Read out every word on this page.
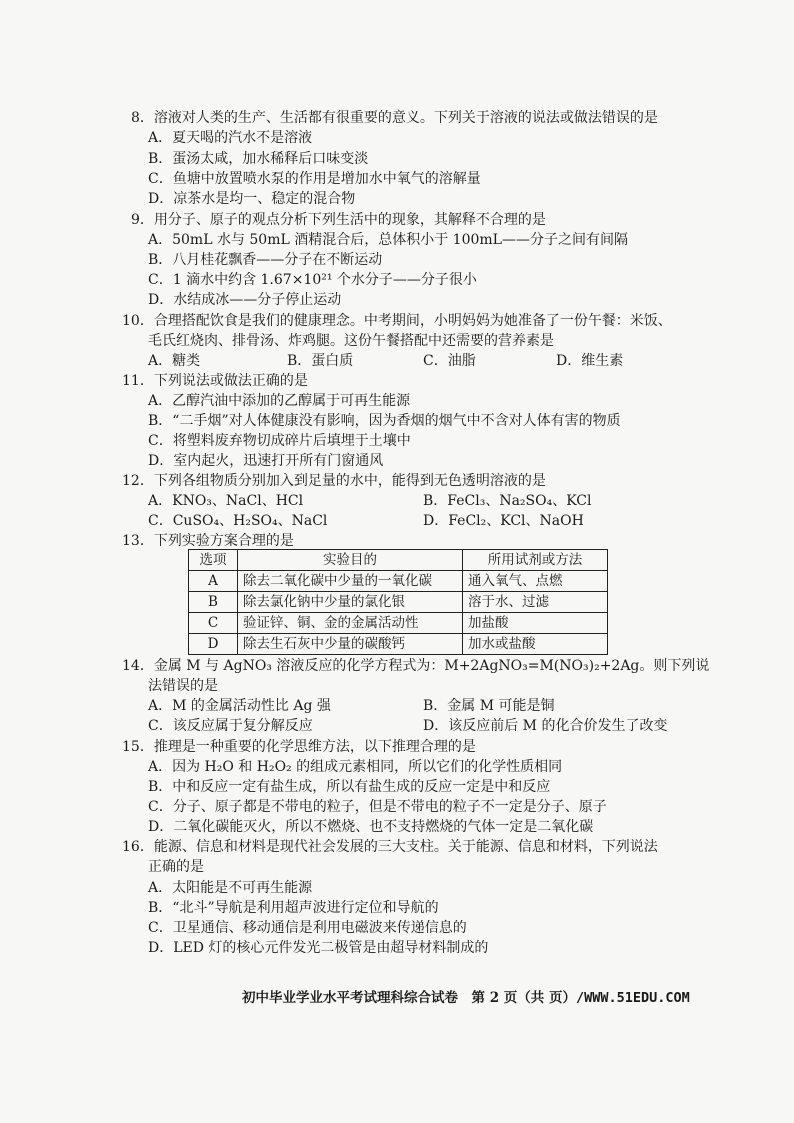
8．溶液对人类的生产、生活都有很重要的意义。下列关于溶液的说法或做法错误的是
A．夏天喝的汽水不是溶液
B．蛋汤太咸，加水稀释后口味变淡
C．鱼塘中放置喷水泵的作用是增加水中氧气的溶解量
D．凉茶水是均一、稳定的混合物
9．用分子、原子的观点分析下列生活中的现象，其解释不合理的是
A．50mL 水与 50mL 酒精混合后，总体积小于 100mL——分子之间有间隔
B．八月桂花飘香——分子在不断运动
C．1 滴水中约含 1.67×10²¹ 个水分子——分子很小
D．水结成冰——分子停止运动
10．合理搭配饮食是我们的健康理念。中考期间，小明妈妈为她准备了一份午餐：米饭、
毛氏红烧肉、排骨汤、炸鸡腿。这份午餐搭配中还需要的营养素是
A．糖类	B．蛋白质	C．油脂	D．维生素
11．下列说法或做法正确的是
A．乙醇汽油中添加的乙醇属于可再生能源
B．“二手烟”对人体健康没有影响，因为香烟的烟气中不含对人体有害的物质
C．将塑料废弃物切成碎片后填埋于土壤中
D．室内起火，迅速打开所有门窗通风
12．下列各组物质分别加入到足量的水中，能得到无色透明溶液的是
A．KNO₃、NaCl、HCl	B．FeCl₃、Na₂SO₄、KCl
C．CuSO₄、H₂SO₄、NaCl	D．FeCl₂、KCl、NaOH
13．下列实验方案合理的是
选项	实验目的	所用试剂或方法
A	除去二氧化碳中少量的一氧化碳	通入氧气、点燃
B	除去氯化钠中少量的氯化银	溶于水、过滤
C	验证锌、铜、金的金属活动性	加盐酸
D	除去生石灰中少量的碳酸钙	加水或盐酸
14．金属 M 与 AgNO₃ 溶液反应的化学方程式为：M+2AgNO₃=M(NO₃)₂+2Ag。则下列说
法错误的是
A．M 的金属活动性比 Ag 强	B．金属 M 可能是铜
C．该反应属于复分解反应	D．该反应前后 M 的化合价发生了改变
15．推理是一种重要的化学思维方法，以下推理合理的是
A．因为 H₂O 和 H₂O₂ 的组成元素相同，所以它们的化学性质相同
B．中和反应一定有盐生成，所以有盐生成的反应一定是中和反应
C．分子、原子都是不带电的粒子，但是不带电的粒子不一定是分子、原子
D．二氧化碳能灭火，所以不燃烧、也不支持燃烧的气体一定是二氧化碳
16．能源、信息和材料是现代社会发展的三大支柱。关于能源、信息和材料，下列说法
正确的是
A．太阳能是不可再生能源
B．“北斗”导航是利用超声波进行定位和导航的
C．卫星通信、移动通信是利用电磁波来传递信息的
D．LED 灯的核心元件发光二极管是由超导材料制成的
初中毕业学业水平考试理科综合试卷　第 2 页（共 页）/WWW.51EDU.COM
